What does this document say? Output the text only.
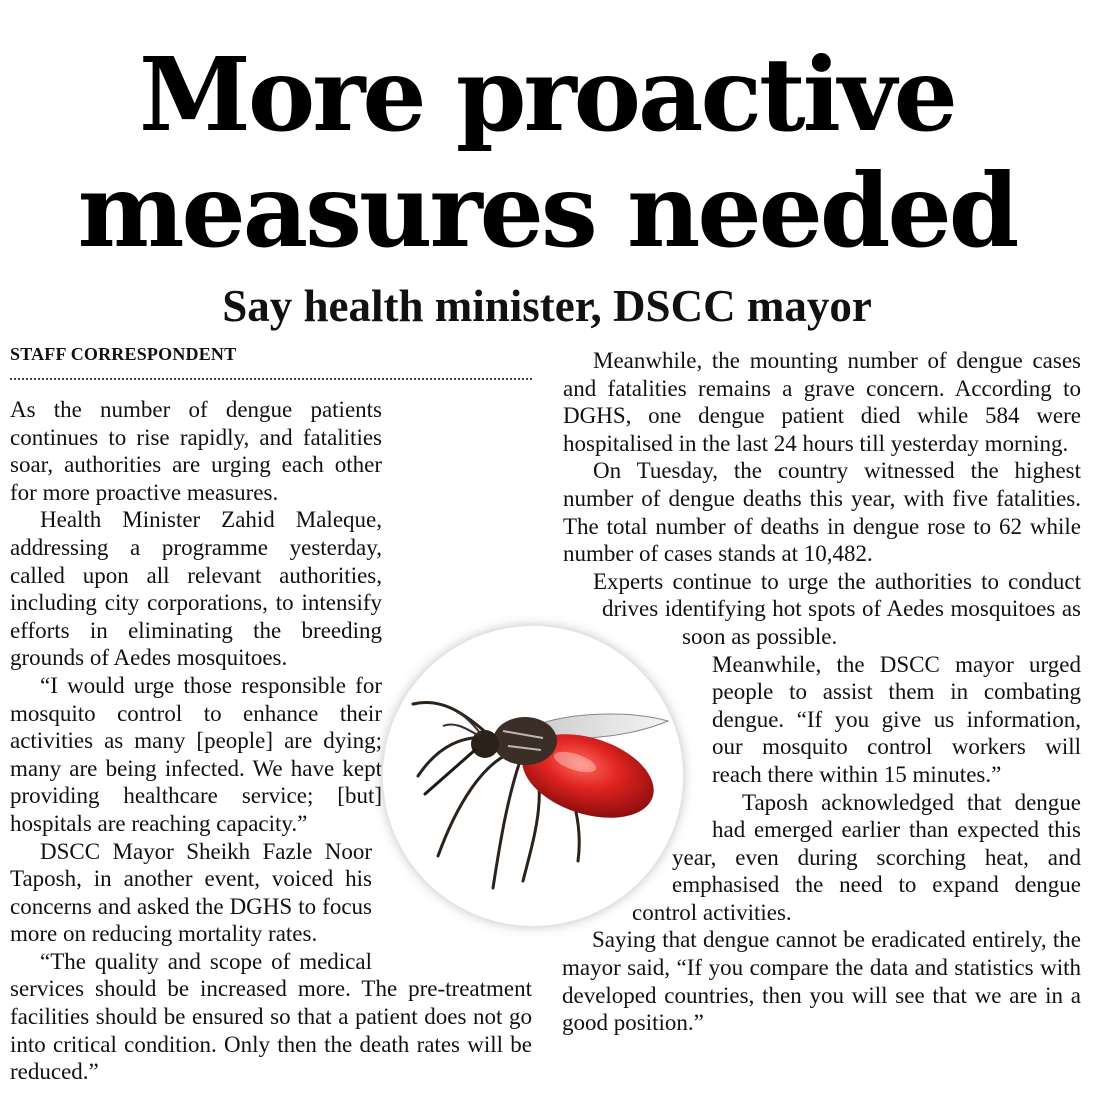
More proactive
measures needed
Say health minister, DSCC mayor
STAFF CORRESPONDENT

As the number of dengue patients continues to rise rapidly, and fatalities soar, authorities are urging each other for more proactive measures.

Health Minister Zahid Maleque, addressing a programme yesterday, called upon all relevant authorities, including city corporations, to intensify efforts in eliminating the breeding grounds of Aedes mosquitoes.

“I would urge those responsible for mosquito control to enhance their activities as many [people] are dying; many are being infected. We have kept providing healthcare service; [but] hospitals are reaching capacity.”

DSCC Mayor Sheikh Fazle Noor Taposh, in another event, voiced his concerns and asked the DGHS to focus more on reducing mortality rates.

“The quality and scope of medical services should be increased more. The pre-treatment facilities should be ensured so that a patient does not go into critical condition. Only then the death rates will be reduced.”

Meanwhile, the mounting number of dengue cases and fatalities remains a grave concern. According to DGHS, one dengue patient died while 584 were hospitalised in the last 24 hours till yesterday morning.

On Tuesday, the country witnessed the highest number of dengue deaths this year, with five fatalities. The total number of deaths in dengue rose to 62 while number of cases stands at 10,482.

Experts continue to urge the authorities to conduct drives identifying hot spots of Aedes mosquitoes as soon as possible.

Meanwhile, the DSCC mayor urged people to assist them in combating dengue. “If you give us information, our mosquito control workers will reach there within 15 minutes.”

Taposh acknowledged that dengue had emerged earlier than expected this year, even during scorching heat, and emphasised the need to expand dengue control activities.

Saying that dengue cannot be eradicated entirely, the mayor said, “If you compare the data and statistics with developed countries, then you will see that we are in a good position.”
